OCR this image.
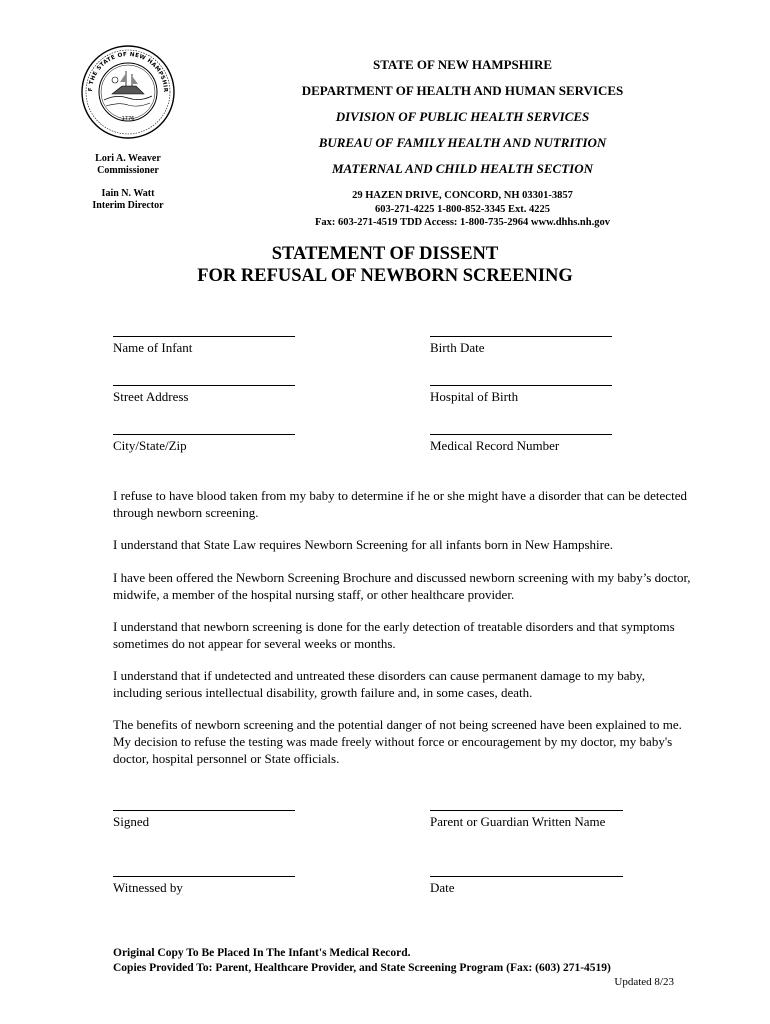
1776
F THE STATE OF NEW HAMPSHIR
Lori A. Weaver
Commissioner
Iain N. Watt
Interim Director
STATE OF NEW HAMPSHIRE
DEPARTMENT OF HEALTH AND HUMAN SERVICES
DIVISION OF PUBLIC HEALTH SERVICES
BUREAU OF FAMILY HEALTH AND NUTRITION
MATERNAL AND CHILD HEALTH SECTION
29 HAZEN DRIVE, CONCORD, NH 03301-3857
603-271-4225 1-800-852-3345 Ext. 4225
Fax: 603-271-4519 TDD Access: 1-800-735-2964 www.dhhs.nh.gov
STATEMENT OF DISSENT
FOR REFUSAL OF NEWBORN SCREENING
Name of Infant	Birth Date
Street Address	Hospital of Birth
City/State/Zip	Medical Record Number
I refuse to have blood taken from my baby to determine if he or she might have a disorder that can be detected through newborn screening.
I understand that State Law requires Newborn Screening for all infants born in New Hampshire.
I have been offered the Newborn Screening Brochure and discussed newborn screening with my baby’s doctor, midwife, a member of the hospital nursing staff, or other healthcare provider.
I understand that newborn screening is done for the early detection of treatable disorders and that symptoms sometimes do not appear for several weeks or months.
I understand that if undetected and untreated these disorders can cause permanent damage to my baby, including serious intellectual disability, growth failure and, in some cases, death.
The benefits of newborn screening and the potential danger of not being screened have been explained to me. My decision to refuse the testing was made freely without force or encouragement by my doctor, my baby's doctor, hospital personnel or State officials.
Signed	Parent or Guardian Written Name
Witnessed by	Date
Original Copy To Be Placed In The Infant's Medical Record.
Copies Provided To: Parent, Healthcare Provider, and State Screening Program (Fax: (603) 271-4519)
Updated 8/23
